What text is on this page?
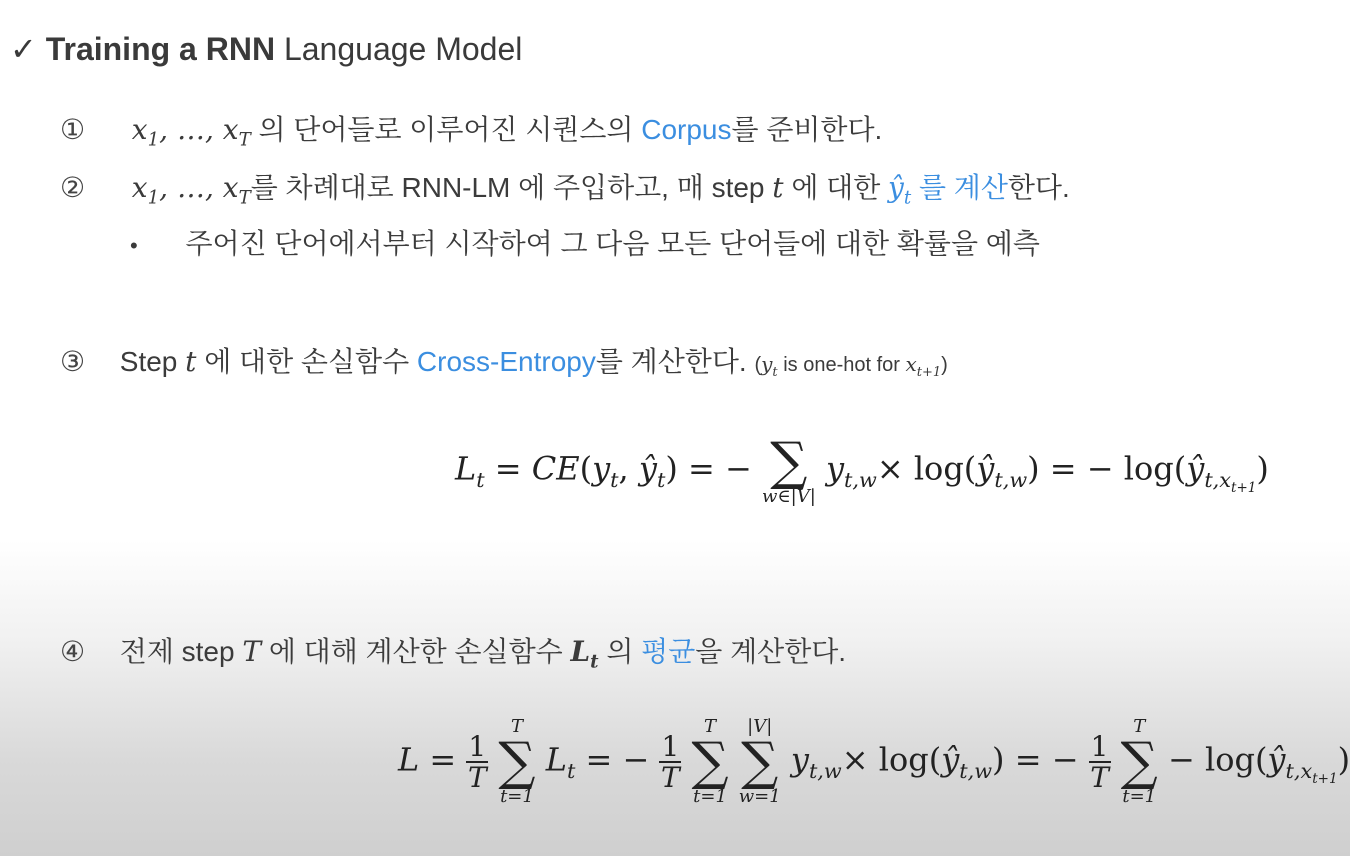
✓ Training a RNN Language Model
① $x_1$, …, $x_T$ 의 단어들로 이루어진 시퀀스의 Corpus를 준비한다.
② $x_1$, …, $x_T$를 차례대로 RNN-LM 에 주입하고, 매 step t 에 대한 $ŷ_t$ 를 계산한다.
• 주어진 단어에서부터 시작하여 그 다음 모든 단어들에 대한 확률을 예측
③ Step t 에 대한 손실함수 Cross-Entropy를 계산한다. ($y_t$ is one-hot for $x_{t+1}$)
$L_t = CE(y_t$, $ŷ_t$) = − ∑
w∈|V|
$y_{t,w}\times$ $\log(ŷ_{t,w})$ = − $\log(ŷ_{t,x_{t+1}})$
④ 전제 step T 에 대해 계산한 손실함수 $L_t$ 의 평균을 계산한다.
$L = \frac{1}{T}$

T
∑
t=1
$L_t$ = − $\frac{1}{T}$

T
∑
t=1

|V|
∑
w=1
$y_{t,w}\times$ $\log(ŷ_{t,w})$ = − $\frac{1}{T}$

T
∑
t=1
− $\log(ŷ_{t,x_{t+1}})$
